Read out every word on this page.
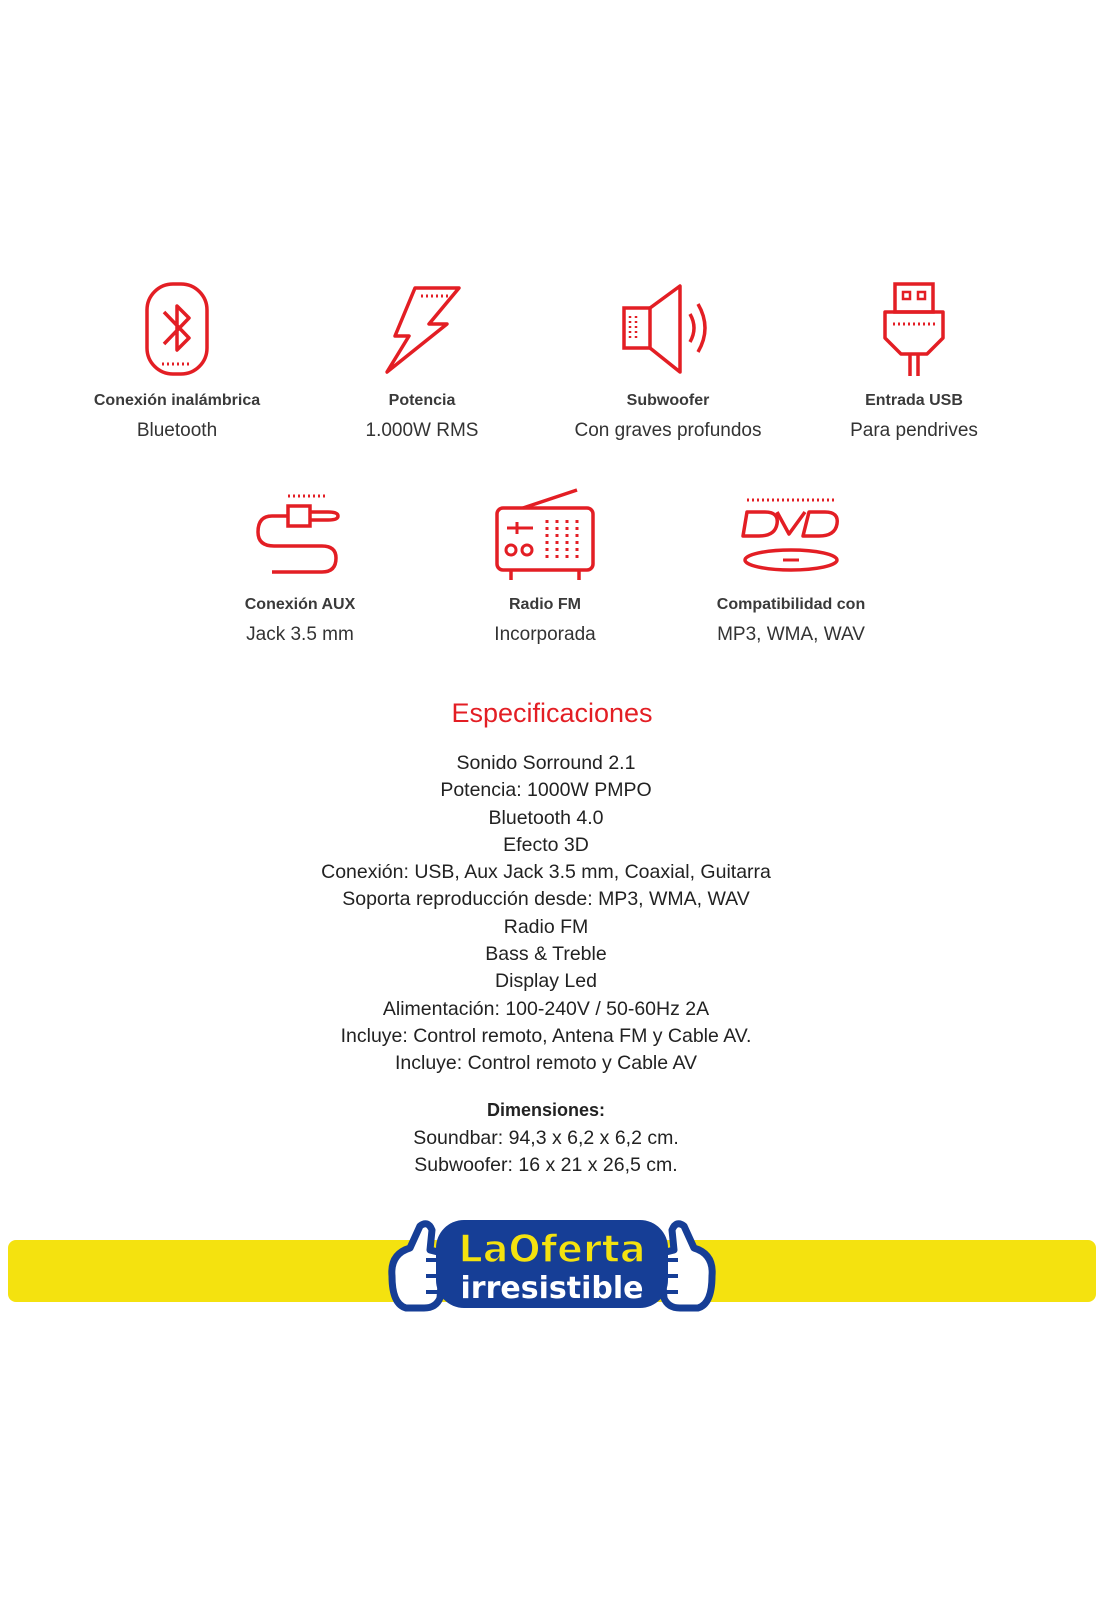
Conexión inalámbrica
Bluetooth
Potencia
1.000W RMS
Subwoofer
Con graves profundos
Entrada USB
Para pendrives
Conexión AUX
Jack 3.5 mm
Radio FM
Incorporada
Compatibilidad con
MP3, WMA, WAV
Especificaciones
Sonido Sorround 2.1
Potencia: 1000W PMPO
Bluetooth 4.0
Efecto 3D
Conexión: USB, Aux Jack 3.5 mm, Coaxial, Guitarra
Soporta reproducción desde: MP3, WMA, WAV
Radio FM
Bass & Treble
Display Led
Alimentación: 100-240V / 50-60Hz 2A
Incluye: Control remoto, Antena FM y Cable AV.
Incluye: Control remoto y Cable AV
Dimensiones:
Soundbar: 94,3 x 6,2 x 6,2 cm.
Subwoofer: 16 x 21 x 26,5 cm.
LaOferta
irresistible
